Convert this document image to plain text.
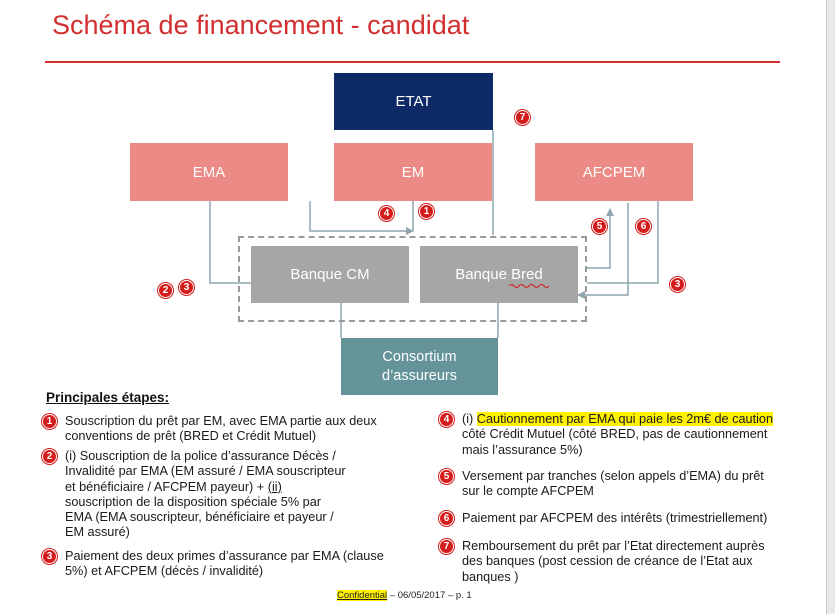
Schéma de financement - candidat
ETAT
EMA	EM	AFCPEM
Banque CM	Banque Bred
Consortium
d’assureurs
7
4	1
5	6
2	3	3
Principales étapes:
1	Souscription du prêt par EM, avec EMA partie aux deux
conventions de prêt (BRED et Crédit Mutuel)
2	(i) Souscription de la police d’assurance Décès /
Invalidité par EMA (EM assuré / EMA souscripteur
et bénéficiaire / AFCPEM payeur) + (ii)
souscription de la disposition spéciale 5% par
EMA (EMA souscripteur, bénéficiaire et payeur /
EM assuré)
3	Paiement des deux primes d’assurance par EMA (clause
5%) et AFCPEM (décès / invalidité)
4	(i) Cautionnement par EMA qui paie les 2m€ de caution
côté Crédit Mutuel (côté BRED, pas de cautionnement
mais l’assurance 5%)
5	Versement par tranches (selon appels d’EMA) du prêt
sur le compte AFCPEM
6	Paiement par AFCPEM des intérêts (trimestriellement)
7	Remboursement du prêt par l’Etat directement auprès
des banques (post cession de créance de l’Etat aux
banques )
Confidential – 06/05/2017 – p. 1
